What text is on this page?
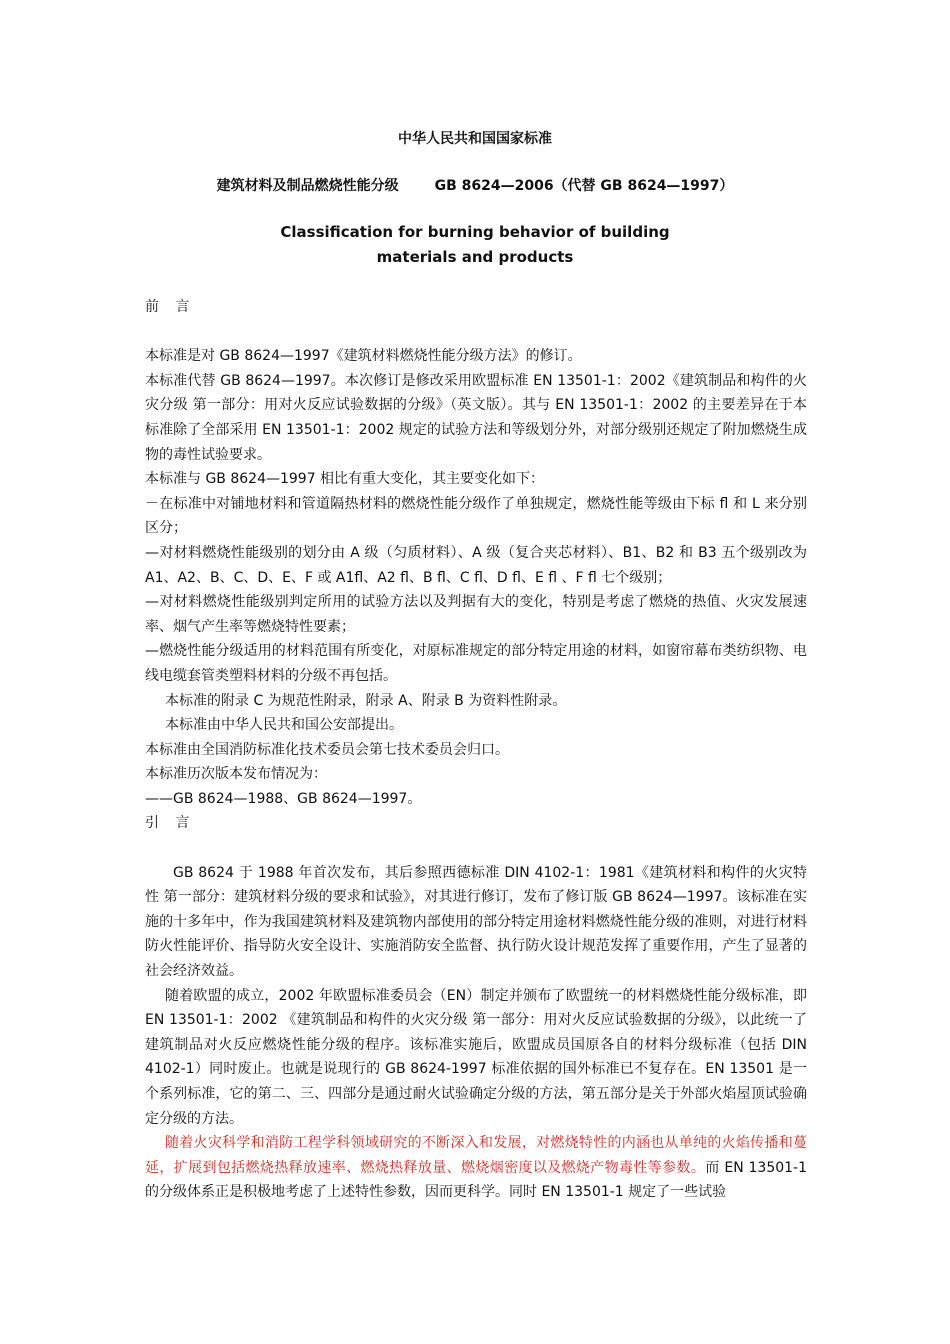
中华人民共和国国家标准
建筑材料及制品燃烧性能分级	GB 8624—2006（代替 GB 8624—1997）
Classification for burning behavior of building
materials and products

前 言

本标准是对 GB 8624—1997《建筑材料燃烧性能分级方法》的修订。

本标准代替 GB 8624—1997。本次修订是修改采用欧盟标准 EN 13501-1：2002《建筑制品和构件的火灾分级 第一部分：用对火反应试验数据的分级》（英文版）。其与 EN 13501-1：2002 的主要差异在于本标准除了全部采用 EN 13501-1：2002 规定的试验方法和等级划分外，对部分级别还规定了附加燃烧生成物的毒性试验要求。

本标准与 GB 8624—1997 相比有重大变化，其主要变化如下：

－在标准中对铺地材料和管道隔热材料的燃烧性能分级作了单独规定，燃烧性能等级由下标 fl 和 L 来分别区分；

—对材料燃烧性能级别的划分由 A 级（匀质材料）、A 级（复合夹芯材料）、B1、B2 和 B3 五个级别改为 A1、A2、B、C、D、E、F 或 A1fl、A2 fl、B fl、C fl、D fl、E fl 、F fl 七个级别；

—对材料燃烧性能级别判定所用的试验方法以及判据有大的变化，特别是考虑了燃烧的热值、火灾发展速率、烟气产生率等燃烧特性要素；

—燃烧性能分级适用的材料范围有所变化，对原标准规定的部分特定用途的材料，如窗帘幕布类纺织物、电线电缆套管类塑料材料的分级不再包括。

本标准的附录 C 为规范性附录，附录 A、附录 B 为资料性附录。

本标准由中华人民共和国公安部提出。

本标准由全国消防标准化技术委员会第七技术委员会归口。

本标准历次版本发布情况为：

——GB 8624—1988、GB 8624—1997。

引 言

GB 8624 于 1988 年首次发布，其后参照西德标准 DIN 4102-1：1981《建筑材料和构件的火灾特性 第一部分：建筑材料分级的要求和试验》，对其进行修订，发布了修订版 GB 8624—1997。该标准在实施的十多年中，作为我国建筑材料及建筑物内部使用的部分特定用途材料燃烧性能分级的准则，对进行材料防火性能评价、指导防火安全设计、实施消防安全监督、执行防火设计规范发挥了重要作用，产生了显著的社会经济效益。

随着欧盟的成立，2002 年欧盟标准委员会（EN）制定并颁布了欧盟统一的材料燃烧性能分级标准，即 EN 13501-1：2002 《建筑制品和构件的火灾分级 第一部分：用对火反应试验数据的分级》，以此统一了建筑制品对火反应燃烧性能分级的程序。该标准实施后，欧盟成员国原各自的材料分级标准（包括 DIN 4102-1）同时废止。也就是说现行的 GB 8624-1997 标准依据的国外标准已不复存在。EN 13501 是一个系列标准，它的第二、三、四部分是通过耐火试验确定分级的方法，第五部分是关于外部火焰屋顶试验确定分级的方法。

随着火灾科学和消防工程学科领域研究的不断深入和发展，对燃烧特性的内涵也从单纯的火焰传播和蔓延，扩展到包括燃烧热释放速率、燃烧热释放量、燃烧烟密度以及燃烧产物毒性等参数。而 EN 13501-1 的分级体系正是积极地考虑了上述特性参数，因而更科学。同时 EN 13501-1 规定了一些试验
